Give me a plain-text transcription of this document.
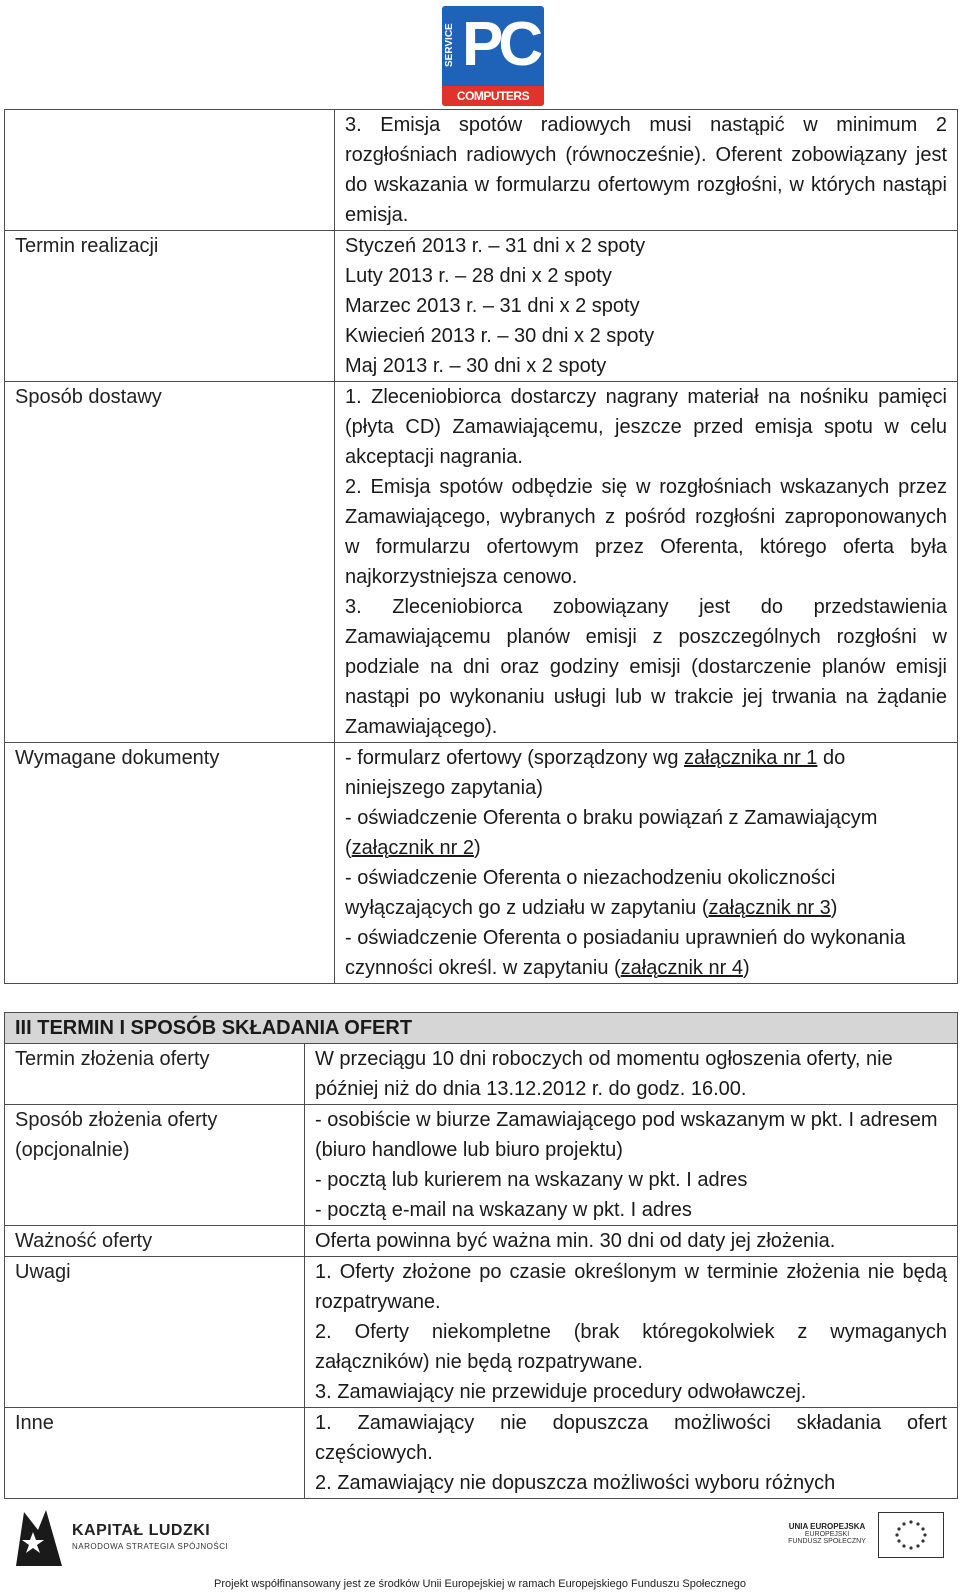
SERVICE PC
COMPUTERS

	3. Emisja spotów radiowych musi nastąpić w minimum 2 rozgłośniach radiowych (równocześnie). Oferent zobowiązany jest do wskazania w formularzu ofertowym rozgłośni, w których nastąpi emisja.

Termin realizacji	Styczeń 2013 r. – 31 dni x 2 spoty
Luty 2013 r. – 28 dni x 2 spoty
Marzec 2013 r. – 31 dni x 2 spoty
Kwiecień 2013 r. – 30 dni x 2 spoty
Maj 2013 r. – 30 dni x 2 spoty

Sposób dostawy	1. Zleceniobiorca dostarczy nagrany materiał na nośniku pamięci (płyta CD) Zamawiającemu, jeszcze przed emisja spotu w celu akceptacji nagrania.
2. Emisja spotów odbędzie się w rozgłośniach wskazanych przez Zamawiającego, wybranych z pośród rozgłośni zaproponowanych w formularzu ofertowym przez Oferenta, którego oferta była najkorzystniejsza cenowo.
3. Zleceniobiorca zobowiązany jest do przedstawienia Zamawiającemu planów emisji z poszczególnych rozgłośni w podziale na dni oraz godziny emisji (dostarczenie planów emisji nastąpi po wykonaniu usługi lub w trakcie jej trwania na żądanie Zamawiającego).

Wymagane dokumenty	- formularz ofertowy (sporządzony wg załącznika nr 1 do niniejszego zapytania)
- oświadczenie Oferenta o braku powiązań z Zamawiającym (załącznik nr 2)
- oświadczenie Oferenta o niezachodzeniu okoliczności wyłączających go z udziału w zapytaniu (załącznik nr 3)
- oświadczenie Oferenta o posiadaniu uprawnień do wykonania czynności określ. w zapytaniu (załącznik nr 4)
III TERMIN I SPOSÓB SKŁADANIA OFERT	
Termin złożenia oferty	W przeciągu 10 dni roboczych od momentu ogłoszenia oferty, nie później niż do dnia 13.12.2012 r. do godz. 16.00.

Sposób złożenia oferty (opcjonalnie)	- osobiście w biurze Zamawiającego pod wskazanym w pkt. I adresem (biuro handlowe lub biuro projektu)
- pocztą lub kurierem na wskazany w pkt. I adres
- pocztą e-mail na wskazany w pkt. I adres

Ważność oferty	Oferta powinna być ważna min. 30 dni od daty jej złożenia.

Uwagi	1. Oferty złożone po czasie określonym w terminie złożenia nie będą rozpatrywane.
2. Oferty niekompletne (brak któregokolwiek z wymaganych załączników) nie będą rozpatrywane.
3. Zamawiający nie przewiduje procedury odwoławczej.

Inne	1. Zamawiający nie dopuszcza możliwości składania ofert częściowych.
2. Zamawiający nie dopuszcza możliwości wyboru różnych
KAPITAŁ LUDZKI
NARODOWA STRATEGIA SPÓJNOŚCI
UNIA EUROPEJSKA
EUROPEJSKI
FUNDUSZ SPOŁECZNY
Projekt współfinansowany jest ze środków Unii Europejskiej w ramach Europejskiego Funduszu Społecznego
